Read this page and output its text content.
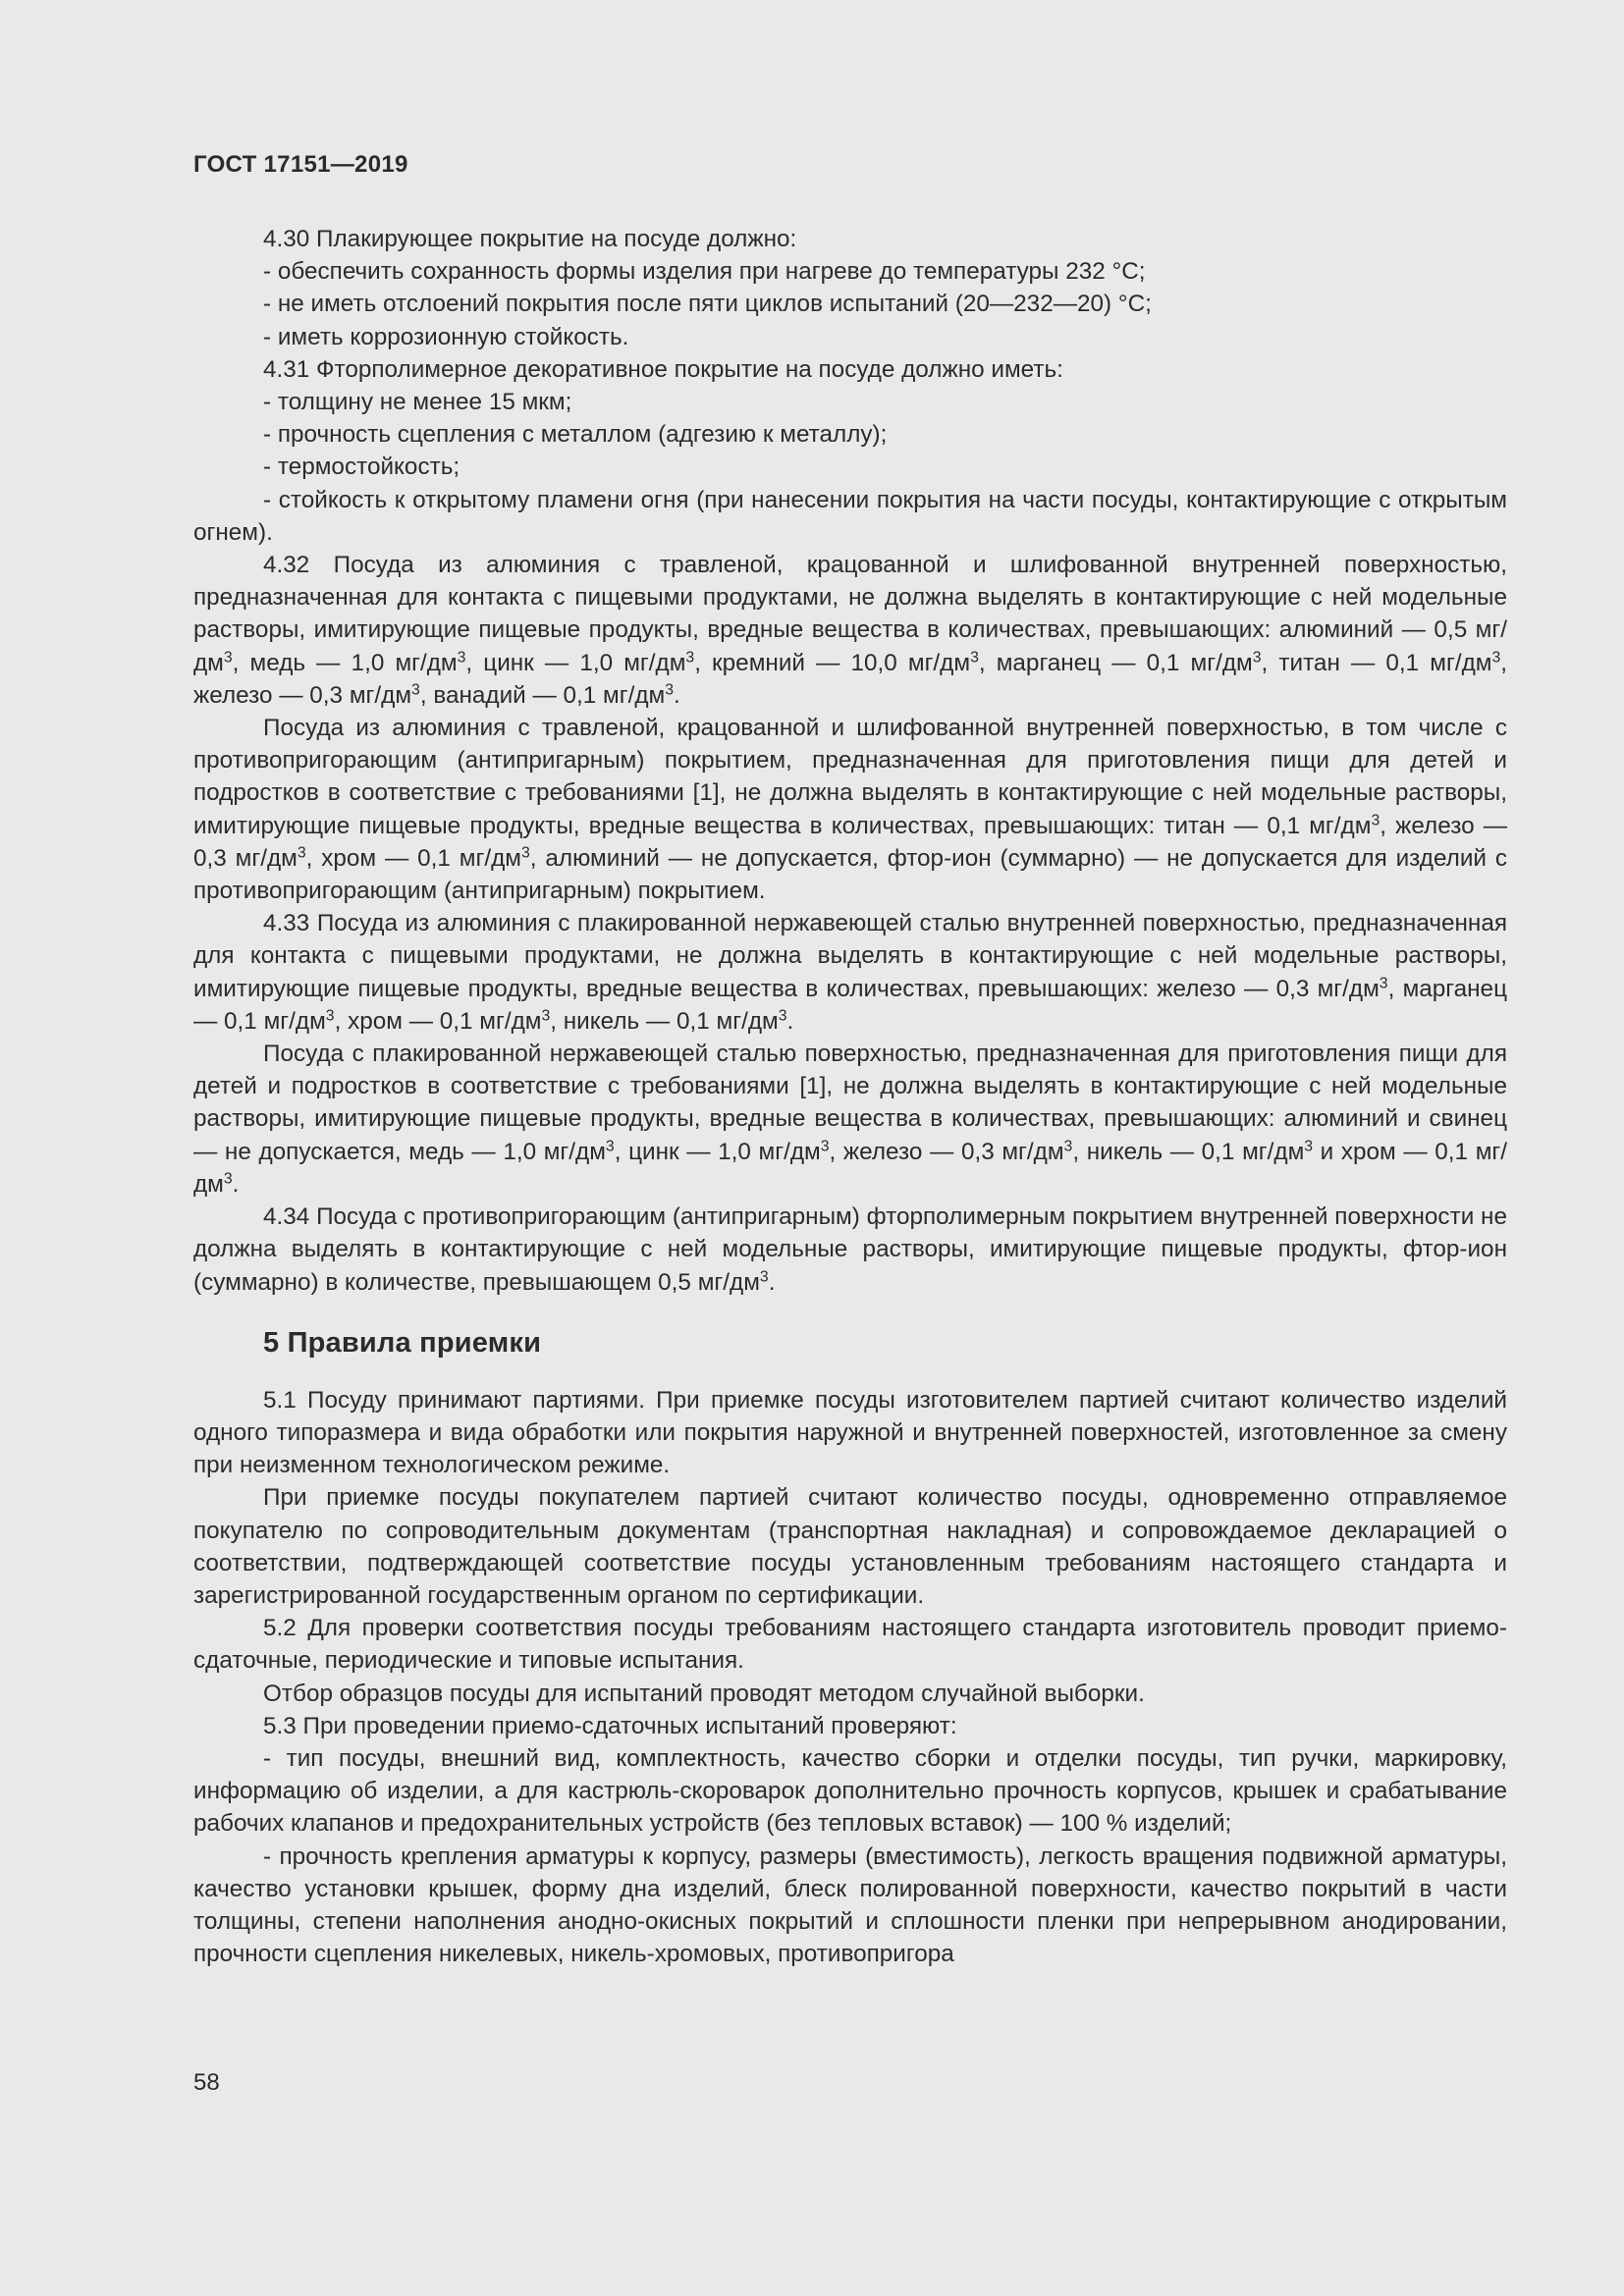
ГОСТ 17151—2019

4.30 Плакирующее покрытие на посуде должно:

- обеспечить сохранность формы изделия при нагреве до температуры 232 °С;

- не иметь отслоений покрытия после пяти циклов испытаний (20—232—20) °С;

- иметь коррозионную стойкость.

4.31 Фторполимерное декоративное покрытие на посуде должно иметь:

- толщину не менее 15 мкм;

- прочность сцепления с металлом (адгезию к металлу);

- термостойкость;

- стойкость к открытому пламени огня (при нанесении покрытия на части посуды, контактирующие с открытым огнем).

4.32 Посуда из алюминия с травленой, крацованной и шлифованной внутренней поверхностью, предназначенная для контакта с пищевыми продуктами, не должна выделять в контактирующие с ней модельные растворы, имитирующие пищевые продукты, вредные вещества в количествах, превышающих: алюминий — 0,5 $мг/дм^3$, медь — 1,0 $мг/дм^3$, цинк — 1,0 $мг/дм^3$, кремний — 10,0 $мг/дм^3$, марганец — 0,1 $мг/дм^3$, титан — 0,1 $мг/дм^3$, железо — 0,3 $мг/дм^3$, ванадий — 0,1 $мг/дм^3$.

Посуда из алюминия с травленой, крацованной и шлифованной внутренней поверхностью, в том числе с противопригорающим (антипригарным) покрытием, предназначенная для приготовления пищи для детей и подростков в соответствие с требованиями [1], не должна выделять в контактирующие с ней модельные растворы, имитирующие пищевые продукты, вредные вещества в количествах, превышающих: титан — 0,1 $мг/дм^3$, железо — 0,3 $мг/дм^3$, хром — 0,1 $мг/дм^3$, алюминий — не допускается, фтор-ион (суммарно) — не допускается для изделий с противопригорающим (антипригарным) покрытием.

4.33 Посуда из алюминия с плакированной нержавеющей сталью внутренней поверхностью, предназначенная для контакта с пищевыми продуктами, не должна выделять в контактирующие с ней модельные растворы, имитирующие пищевые продукты, вредные вещества в количествах, превышающих: железо — 0,3 $мг/дм^3$, марганец — 0,1 $мг/дм^3$, хром — 0,1 $мг/дм^3$, никель — 0,1 $мг/дм^3$.

Посуда с плакированной нержавеющей сталью поверхностью, предназначенная для приготовления пищи для детей и подростков в соответствие с требованиями [1], не должна выделять в контактирующие с ней модельные растворы, имитирующие пищевые продукты, вредные вещества в количествах, превышающих: алюминий и свинец — не допускается, медь — 1,0 $мг/дм^3$, цинк — 1,0 $мг/дм^3$, железо — 0,3 $мг/дм^3$, никель — 0,1 $мг/дм^3$ и хром — 0,1 $мг/дм^3$.

4.34 Посуда с противопригорающим (антипригарным) фторполимерным покрытием внутренней поверхности не должна выделять в контактирующие с ней модельные растворы, имитирующие пищевые продукты, фтор-ион (суммарно) в количестве, превышающем 0,5 $мг/дм^3$.

5 Правила приемки

5.1 Посуду принимают партиями. При приемке посуды изготовителем партией считают количество изделий одного типоразмера и вида обработки или покрытия наружной и внутренней поверхностей, изготовленное за смену при неизменном технологическом режиме.

При приемке посуды покупателем партией считают количество посуды, одновременно отправляемое покупателю по сопроводительным документам (транспортная накладная) и сопровождаемое декларацией о соответствии, подтверждающей соответствие посуды установленным требованиям настоящего стандарта и зарегистрированной государственным органом по сертификации.

5.2 Для проверки соответствия посуды требованиям настоящего стандарта изготовитель проводит приемо-сдаточные, периодические и типовые испытания.

Отбор образцов посуды для испытаний проводят методом случайной выборки.

5.3 При проведении приемо-сдаточных испытаний проверяют:

- тип посуды, внешний вид, комплектность, качество сборки и отделки посуды, тип ручки, маркировку, информацию об изделии, а для кастрюль-скороварок дополнительно прочность корпусов, крышек и срабатывание рабочих клапанов и предохранительных устройств (без тепловых вставок) — 100 % изделий;

- прочность крепления арматуры к корпусу, размеры (вместимость), легкость вращения подвижной арматуры, качество установки крышек, форму дна изделий, блеск полированной поверхности, качество покрытий в части толщины, степени наполнения анодно-окисных покрытий и сплошности пленки при непрерывном анодировании, прочности сцепления никелевых, никель-хромовых, противопригора

58
